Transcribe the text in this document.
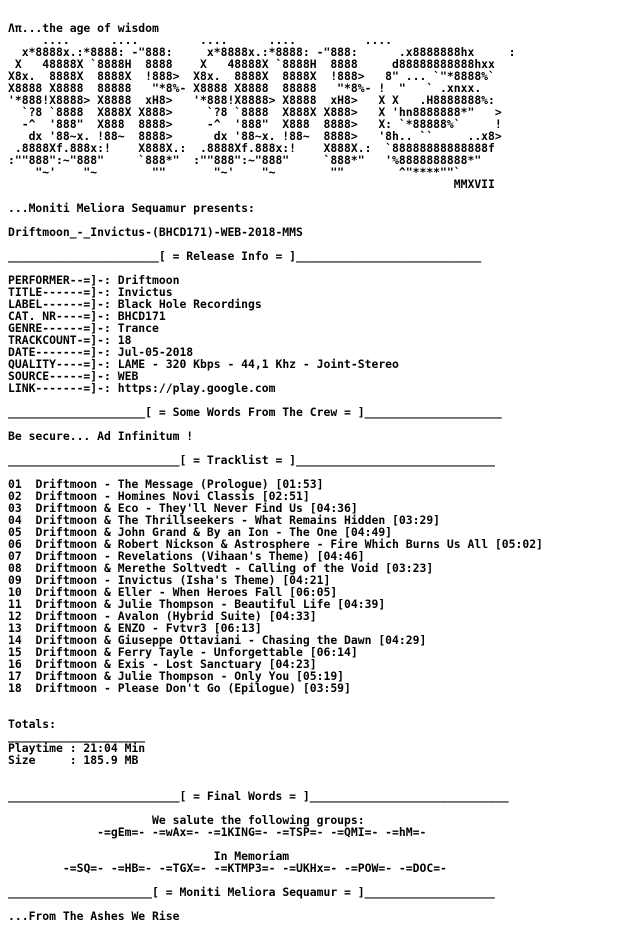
Ʌπ...the age of wisdom
....      ....         ....      ....          ....
x*8888x.:*8888: -"888:     x*8888x.:*8888: -"888:      .x8888888hx     :
X   48888X `8888H  8888    X   48888X `8888H  8888     d88888888888hxx
X8x.  8888X  8888X  !888>  X8x.  8888X  8888X  !888>   8" ... `"*8888%`
X8888 X8888  88888   "*8%- X8888 X8888  88888   "*8%- !  "   ` .xnxx.
'*888!X8888> X8888  xH8>   '*888!X8888> X8888  xH8>   X X   .H8888888%:
`?8 `8888  X888X X888>     `?8 `8888  X888X X888>   X 'hn8888888*"   >
-^  '888"  X888  8888>     -^  '888"  X888  8888>   X: `*88888%`     !
dx '88~x. !88~  8888>      dx '88~x. !88~  8888>   '8h.. ``     ..x8>
.8888Xf.888x:!    X888X.:  .8888Xf.888x:!    X888X.:  `88888888888888f
:""888":~"888"     `888*"  :""888":~"888"     `888*"   '%8888888888*"
"~'    "~        ""       "~'    "~        ""        ^"****""`
MMXVII
...Moniti Meliora Sequamur presents:
Driftmoon_-_Invictus-(BHCD171)-WEB-2018-MMS
______________________[ = Release Info = ]___________________________
PERFORMER--=]-: Driftmoon
TITLE------=]-: Invictus
LABEL------=]-: Black Hole Recordings
CAT. NR----=]-: BHCD171
GENRE------=]-: Trance
TRACKCOUNT-=]-: 18
DATE-------=]-: Jul-05-2018
QUALITY----=]-: LAME - 320 Kbps - 44,1 Khz - Joint-Stereo
SOURCE-----=]-: WEB
LINK-------=]-: https://play.google.com
____________________[ = Some Words From The Crew = ]____________________
Be secure... Ad Infinitum !
_________________________[ = Tracklist = ]_____________________________
01 Driftmoon - The Message (Prologue) [01:53]
02 Driftmoon - Homines Novi Classis [02:51]
03 Driftmoon & Eco - They'll Never Find Us [04:36]
04 Driftmoon & The Thrillseekers - What Remains Hidden [03:29]
05 Driftmoon & John Grand & By an Ion - The One [04:49]
06 Driftmoon & Robert Nickson & Astrosphere - Fire Which Burns Us All [05:02]
07 Driftmoon - Revelations (Vihaan's Theme) [04:46]
08 Driftmoon & Merethe Soltvedt - Calling of the Void [03:23]
09 Driftmoon - Invictus (Isha's Theme) [04:21]
10 Driftmoon & Eller - When Heroes Fall [06:05]
11 Driftmoon & Julie Thompson - Beautiful Life [04:39]
12 Driftmoon - Avalon (Hybrid Suite) [04:33]
13 Driftmoon & ENZO - Fvtvr3 [06:13]
14 Driftmoon & Giuseppe Ottaviani - Chasing the Dawn [04:29]
15 Driftmoon & Ferry Tayle - Unforgettable [06:14]
16 Driftmoon & Exis - Lost Sanctuary [04:23]
17 Driftmoon & Julie Thompson - Only You [05:19]
18 Driftmoon - Please Don't Go (Epilogue) [03:59]
Totals:
____________________
Playtime : 21:04 Min
Size     : 185.9 MB
_________________________[ = Final Words = ]_____________________________
We salute the following groups:
-=gEm=- -=wAx=- -=1KING=- -=TSP=- -=QMI=- -=hM=-
In Memoriam
-=SQ=- -=HB=- -=TGX=- -=KTMP3=- -=UKHx=- -=POW=- -=DOC=-
_____________________[ = Moniti Meliora Sequamur = ]___________________
...From The Ashes We Rise
